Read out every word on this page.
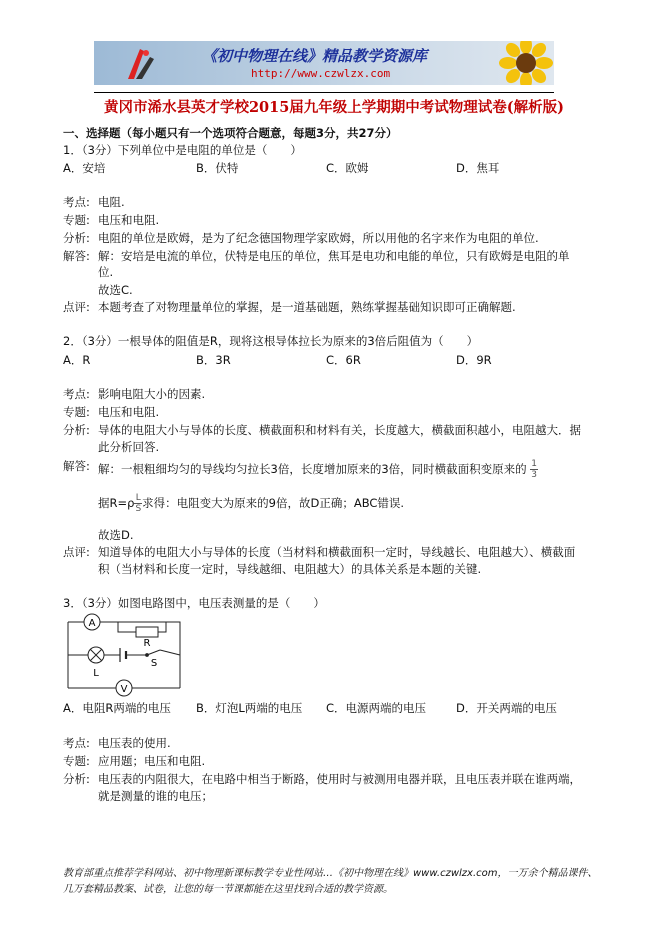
《初中物理在线》精品教学资源库
http://www.czwlzx.com
黄冈市浠水县英才学校2015届九年级上学期期中考试物理试卷(解析版)
一、选择题（每小题只有一个选项符合题意，每题3分，共27分）
1．（3分）下列单位中是电阻的单位是（　　）
A．安培	B．伏特	C．欧姆	D．焦耳
考点: 电阻.
专题: 电压和电阻.
分析: 电阻的单位是欧姆，是为了纪念德国物理学家欧姆，所以用他的名字来作为电阻的单位.
解答: 解：安培是电流的单位，伏特是电压的单位，焦耳是电功和电能的单位，只有欧姆是电阻的单
位.
故选C.
点评: 本题考查了对物理量单位的掌握，是一道基础题，熟练掌握基础知识即可正确解题.
2．（3分）一根导体的阻值是R，现将这根导体拉长为原来的3倍后阻值为（　　）
A．R	B．3R	C．6R	D．9R
考点: 影响电阻大小的因素.
专题: 电压和电阻.
分析: 导体的电阻大小与导体的长度、横截面积和材料有关，长度越大，横截面积越小，电阻越大．据
此分析回答.
解答: 解：一根粗细均匀的导线均匀拉长3倍，长度增加原来的3倍，同时横截面积变原来的 $\frac{1}{3}$
据$R=\rho \frac{L}{S}$ 求得：电阻变大为原来的9倍，故D正确；ABC错误.
故选D.
点评: 知道导体的电阻大小与导体的长度（当材料和横截面积一定时，导线越长、电阻越大）、横截面
积（当材料和长度一定时，导线越细、电阻越大）的具体关系是本题的关键.
3．（3分）如图电路图中，电压表测量的是（　　）
A
R
L
S
V
A．电阻R两端的电压 B．灯泡L两端的电压 C．电源两端的电压	D．开关两端的电压
考点: 电压表的使用.
专题: 应用题；电压和电阻.
分析: 电压表的内阻很大，在电路中相当于断路，使用时与被测用电器并联，且电压表并联在谁两端，
就是测量的谁的电压；
教育部重点推荐学科网站、初中物理新课标教学专业性网站…《初中物理在线》www.czwlzx.com，一万余个精品课件、
几万套精品教案、试卷，让您的每一节课都能在这里找到合适的教学资源。
